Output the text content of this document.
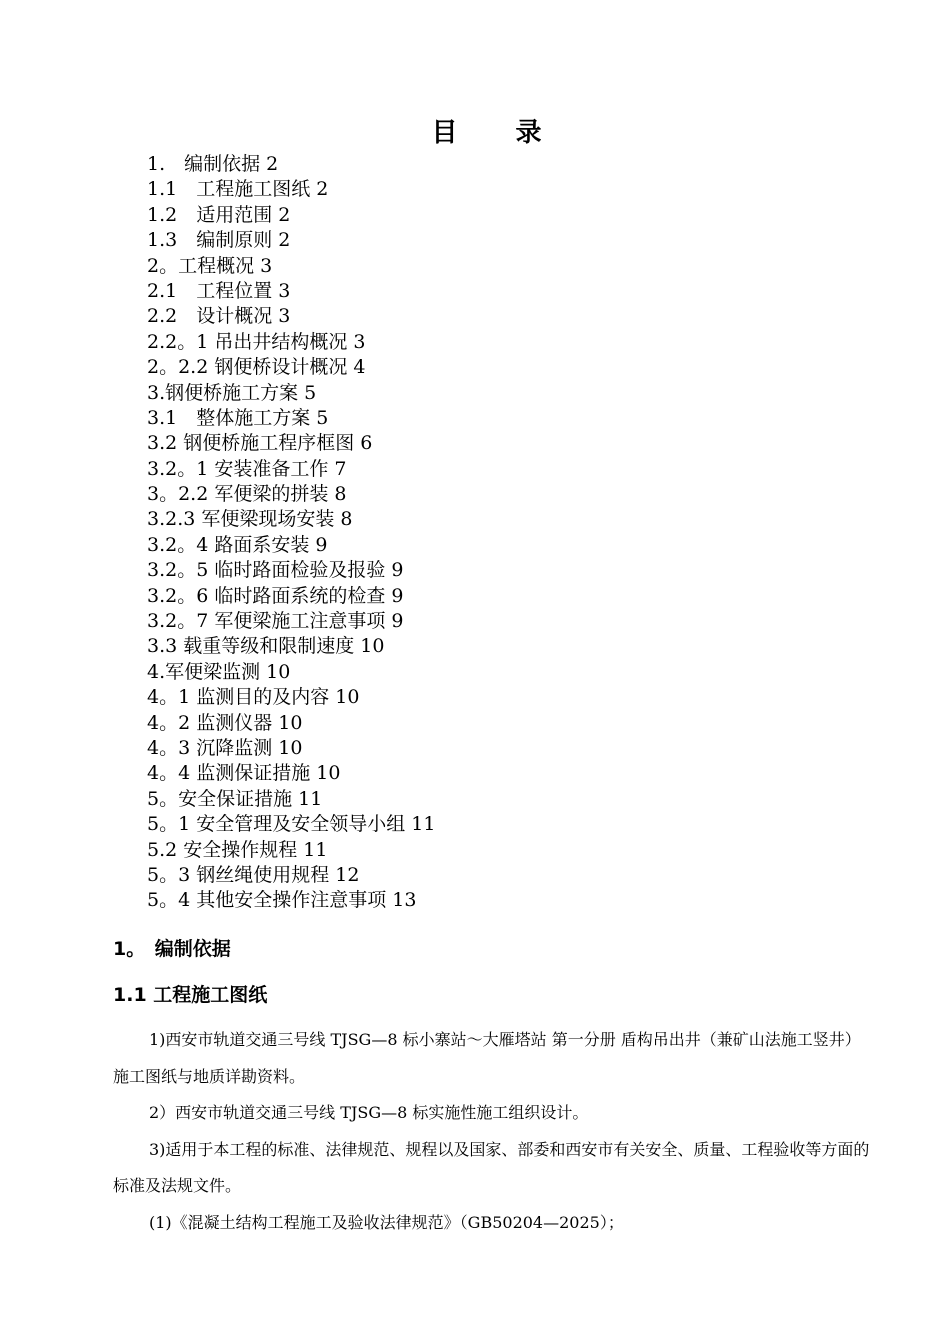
目　　录
1.　编制依据 2
1.1　工程施工图纸 2
1.2　适用范围 2
1.3　编制原则 2
2。工程概况 3
2.1　工程位置 3
2.2　设计概况 3
2.2。1 吊出井结构概况 3
2。2.2 钢便桥设计概况 4
3.钢便桥施工方案 5
3.1　整体施工方案 5
3.2 钢便桥施工程序框图 6
3.2。1 安装准备工作 7
3。2.2 军便梁的拼装 8
3.2.3 军便梁现场安装 8
3.2。4 路面系安装 9
3.2。5 临时路面检验及报验 9
3.2。6 临时路面系统的检查 9
3.2。7 军便梁施工注意事项 9
3.3 载重等级和限制速度 10
4.军便梁监测 10
4。1 监测目的及内容 10
4。2 监测仪器 10
4。3 沉降监测 10
4。4 监测保证措施 10
5。安全保证措施 11
5。1 安全管理及安全领导小组 11
5.2 安全操作规程 11
5。3 钢丝绳使用规程 12
5。4 其他安全操作注意事项 13
1。　编制依据
1.1 工程施工图纸

1)西安市轨道交通三号线 TJSG—8 标小寨站～大雁塔站 第一分册 盾构吊出井（兼矿山法施工竖井）施工图纸与地质详勘资料。

2）西安市轨道交通三号线 TJSG—8 标实施性施工组织设计。

3)适用于本工程的标准、法律规范、规程以及国家、部委和西安市有关安全、质量、工程验收等方面的标准及法规文件。

(1)《混凝土结构工程施工及验收法律规范》（GB50204—2025）；
